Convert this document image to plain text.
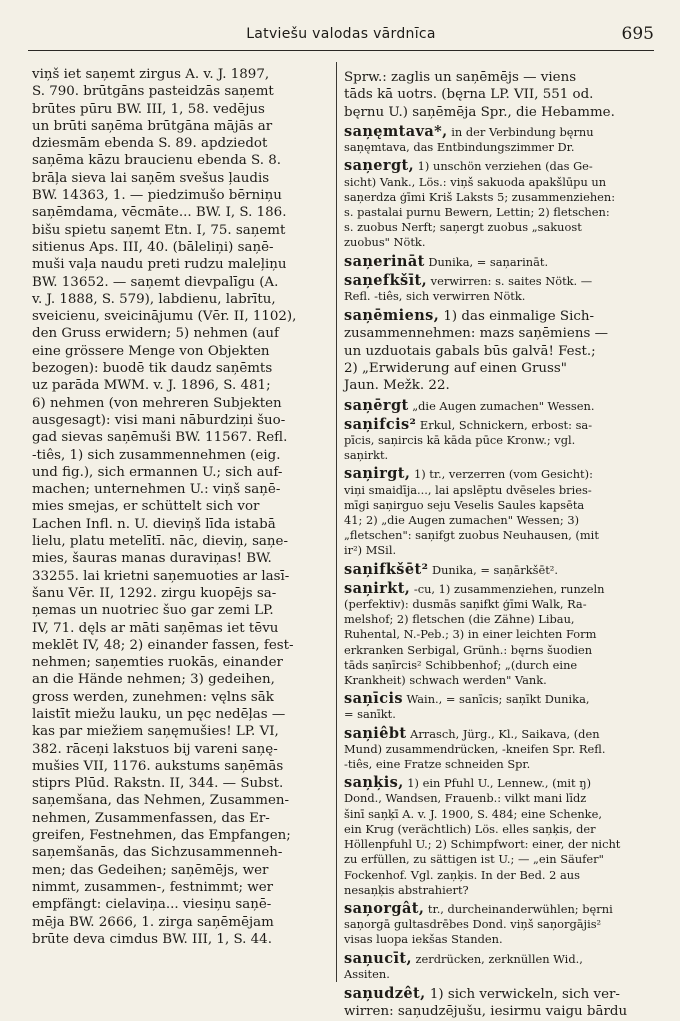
Latviešu valodas vārdnīca	695
viņš iet saņemt zirgus A. v. J. 1897,
S. 790. brūtgāns pasteidzās saņemt
brūtes pūru BW. III, 1, 58. vedējus
un brūti saņēma brūtgāna mājās ar
dziesmām ebenda S. 89. apdziedot
saņēma kāzu braucienu ebenda S. 8.
brāļa sieva lai saņēm svešus ļaudis
BW. 14363, 1. — piedzimušo bērniņu
saņēmdama, vēcmāte... BW. I, S. 186.
bišu spietu saņemt Etn. I, 75. saņemt
sitienus Aps. III, 40. (bāleliņi) saņē-
muši vaļa naudu preti rudzu maleļiņu
BW. 13652. — saņemt dievpalīgu (A.
v. J. 1888, S. 579), labdienu, labrītu,
sveicienu, sveicinājumu (Vēr. II, 1102),
den Gruss erwidern; 5) nehmen (auf
eine grössere Menge von Objekten
bezogen): buodē tik daudz saņēmts
uz parāda MWM. v. J. 1896, S. 481;
6) nehmen (von mehreren Subjekten
ausgesagt): visi mani nāburdziņi šuo-
gad sievas saņēmuši BW. 11567. Refl.
-tiês, 1) sich zusammennehmen (eig.
und fig.), sich ermannen U.; sich auf-
machen; unternehmen U.: viņš saņē-
mies smejas, er schüttelt sich vor
Lachen Infl. n. U. dieviņš līda istabā
lielu, platu metelītī. nāc, dieviņ, saņe-
mies, šauras manas duraviņas! BW.
33255. lai krietni saņemuoties ar lasī-
šanu Vēr. II, 1292. zirgu kuopējs sa-
ņemas un nuotriec šuo gar zemi LP.
IV, 71. dęls ar māti saņēmas iet tēvu
meklēt IV, 48; 2) einander fassen, fest-
nehmen; saņemties ruokās, einander
an die Hände nehmen; 3) gedeihen,
gross werden, zunehmen: vęlns sāk
laistīt miežu lauku, un pęc nedēļas —
kas par miežiem saņęmušies! LP. VI,
382. rāceņi lakstuos bij vareni saņę-
mušies VII, 1176. aukstums saņēmās
stiprs Plūd. Rakstn. II, 344. — Subst.
saņemšana, das Nehmen, Zusammen-
nehmen, Zusammenfassen, das Er-
greifen, Festnehmen, das Empfangen;
saņemšanās, das Sichzusammenneh-
men; das Gedeihen; saņēmējs, wer
nimmt, zusammen-, festnimmt; wer
empfängt: cielaviņa... viesiņu saņē-
mēja BW. 2666, 1. zirga saņēmējam
brūte deva cimdus BW. III, 1, S. 44.
Sprw.: zaglis un saņēmējs — viens
tāds kā uotrs. (bęrna LP. VII, 551 od.
bęrnu U.) saņēmēja Spr., die Hebamme.
saņęmtava*, in der Verbindung bęrnu
saņęmtava, das Entbindungszimmer Dr.
saņergt, 1) unschön verziehen (das Ge-
sicht) Vank., Lös.: viņš sakuoda apakšlūpu un
saņerdza ģīmi Kriš Laksts 5; zusammenziehen:
s. pastalai purnu Bewern, Lettin; 2) fletschen:
s. zuobus Nerft; saņergt zuobus „sakuost
zuobus" Nötk.
saņerināt Dunika, = saņarināt.
saņefkšīt, verwirren: s. saites Nötk. —
Refl. -tiês, sich verwirren Nötk.
saņēmiens, 1) das einmalige Sich-
zusammennehmen: mazs saņēmiens —
un uzduotais gabals būs galvā! Fest.;
2) „Erwiderung auf einen Gruss"
Jaun. Mežk. 22.
saņērgt „die Augen zumachen" Wessen.
saņifcis² Erkul, Schnickern, erbost: sa-
pīcis, saņircis kā kāda pūce Kronw.; vgl.
saņirkt.
saņirgt, 1) tr., verzerren (vom Gesicht):
viņi smaidīja..., lai apslēptu dvēseles bries-
mīgi saņirguo seju Veselis Saules kapsēta
41; 2) „die Augen zumachen" Wessen; 3)
„fletschen": saņifgt zuobus Neuhausen, (mit
ir²) MSil.
saņifkšēt² Dunika, = saņārkšēt².
saņirkt, -cu, 1) zusammenziehen, runzeln
(perfektiv): dusmās saņifkt ģīmi Walk, Ra-
melshof; 2) fletschen (die Zähne) Libau,
Ruhental, N.-Peb.; 3) in einer leichten Form
erkranken Serbigal, Grünh.: bęrns šuodien
tāds saņīrcis² Schibbenhof; „(durch eine
Krankheit) schwach werden" Vank.
saņīcis Wain., = sanīcis; saņīkt Dunika,
= sanīkt.
saņiêbt Arrasch, Jürg., Kl., Saikava, (den
Mund) zusammendrücken, -kneifen Spr. Refl.
-tiês, eine Fratze schneiden Spr.
saņķis, 1) ein Pfuhl U., Lennew., (mit ŋ)
Dond., Wandsen, Frauenb.: vilkt mani līdz
šinī saņķī A. v. J. 1900, S. 484; eine Schenke,
ein Krug (verächtlich) Lös. elles saņķis, der
Höllenpfuhl U.; 2) Schimpfwort: einer, der nicht
zu erfüllen, zu sättigen ist U.; — „ein Säufer"
Fockenhof. Vgl. zaņķis. In der Bed. 2 aus
nesaņķis abstrahiert?
saņorgât, tr., durcheinanderwühlen; bęrni
saņorgā gultasdrēbes Dond. viņš saņorgājis²
visas luopa iekšas Standen.
saņucīt, zerdrücken, zerknüllen Wid.,
Assiten.
saņudzêt, 1) sich verwickeln, sich ver-
wirren: saņudzējušu, iesirmu vaigu bārdu
